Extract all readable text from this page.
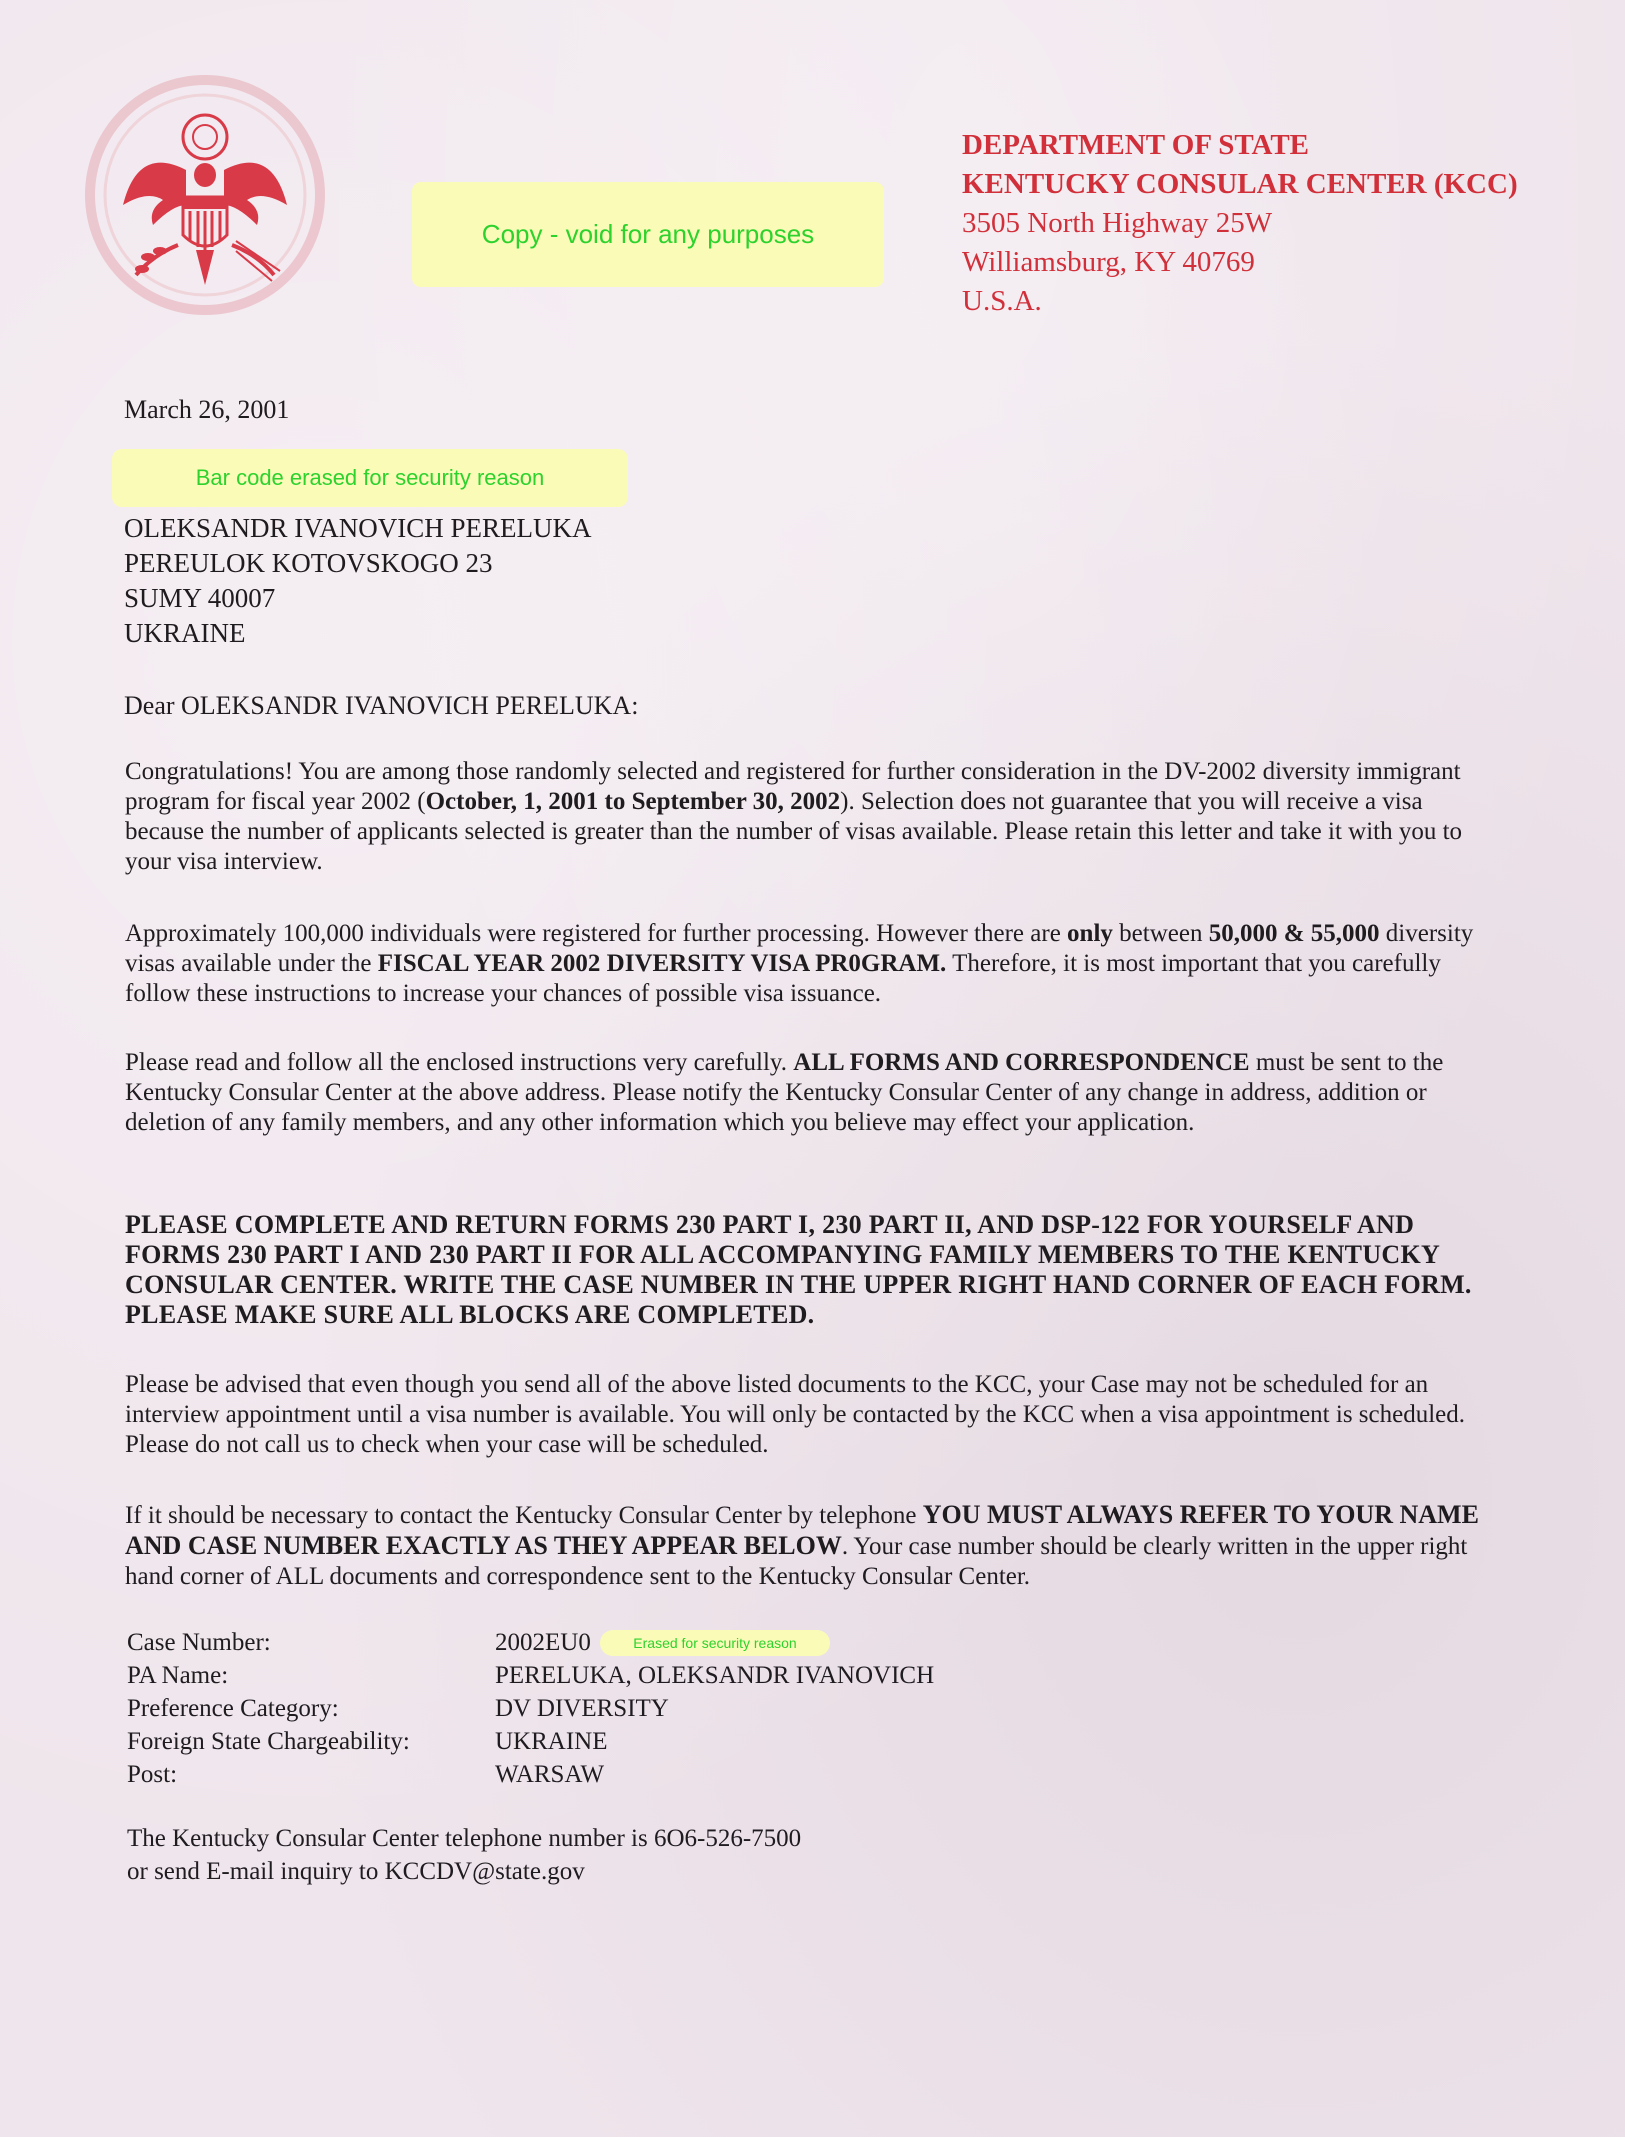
Copy - void for any purposes
DEPARTMENT OF STATE
KENTUCKY CONSULAR CENTER (KCC)
3505 North Highway 25W
Williamsburg, KY 40769
U.S.A.
March 26, 2001
Bar code erased for security reason
OLEKSANDR IVANOVICH PERELUKA
PEREULOK KOTOVSKOGO 23
SUMY 40007
UKRAINE
Dear OLEKSANDR IVANOVICH PERELUKA:
Congratulations! You are among those randomly selected and registered for further consideration in the DV-2002 diversity immigrant program for fiscal year 2002 (October, 1, 2001 to September 30, 2002). Selection does not guarantee that you will receive a visa because the number of applicants selected is greater than the number of visas available. Please retain this letter and take it with you to your visa interview.
Approximately 100,000 individuals were registered for further processing. However there are only between 50,000 & 55,000 diversity visas available under the FISCAL YEAR 2002 DIVERSITY VISA PR0GRAM. Therefore, it is most important that you carefully follow these instructions to increase your chances of possible visa issuance.
Please read and follow all the enclosed instructions very carefully. ALL FORMS AND CORRESPONDENCE must be sent to the Kentucky Consular Center at the above address. Please notify the Kentucky Consular Center of any change in address, addition or deletion of any family members, and any other information which you believe may effect your application.
PLEASE COMPLETE AND RETURN FORMS 230 PART I, 230 PART II, AND DSP-122 FOR YOURSELF AND FORMS 230 PART I AND 230 PART II FOR ALL ACCOMPANYING FAMILY MEMBERS TO THE KENTUCKY CONSULAR CENTER. WRITE THE CASE NUMBER IN THE UPPER RIGHT HAND CORNER OF EACH FORM. PLEASE MAKE SURE ALL BLOCKS ARE COMPLETED.
Please be advised that even though you send all of the above listed documents to the KCC, your Case may not be scheduled for an interview appointment until a visa number is available. You will only be contacted by the KCC when a visa appointment is scheduled. Please do not call us to check when your case will be scheduled.
If it should be necessary to contact the Kentucky Consular Center by telephone YOU MUST ALWAYS REFER TO YOUR NAME AND CASE NUMBER EXACTLY AS THEY APPEAR BELOW. Your case number should be clearly written in the upper right hand corner of ALL documents and correspondence sent to the Kentucky Consular Center.
Case Number:	2002EU0
PA Name:	PERELUKA, OLEKSANDR IVANOVICH
Preference Category:	DV DIVERSITY
Foreign State Chargeability:	UKRAINE
Post:	WARSAW
Erased for security reason
The Kentucky Consular Center telephone number is 6O6-526-7500
or send E-mail inquiry to KCCDV@state.gov
